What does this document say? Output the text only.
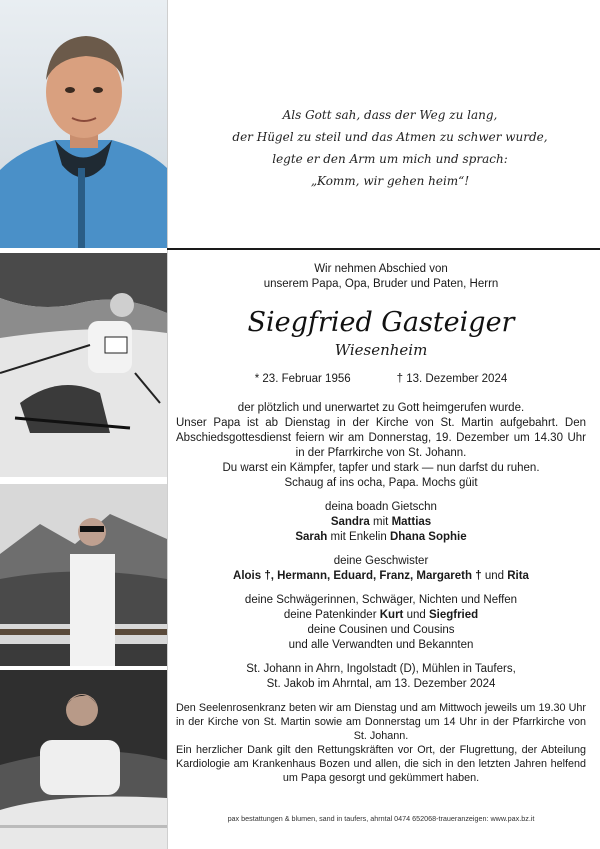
Als Gott sah, dass der Weg zu lang,
der Hügel zu steil und das Atmen zu schwer wurde,
legte er den Arm um mich und sprach:
„Komm, wir gehen heim“!

Wir nehmen Abschied von

unserem Papa, Opa, Bruder und Paten, Herrn

Siegfried Gasteiger
Wiesenheim
* 23. Februar 1956	† 13. Dezember 2024

der plötzlich und unerwartet zu Gott heimgerufen wurde.

Unser Papa ist ab Dienstag in der Kirche von St. Martin aufgebahrt. Den Abschiedsgottesdienst feiern wir am Donnerstag, 19. Dezember um 14.30 Uhr in der Pfarrkirche von St. Johann.

Du warst ein Kämpfer, tapfer und stark — nun darfst du ruhen.

Schaug af ins ocha, Papa. Mochs güit

deina boadn Gietschn

Sandra mit Mattias

Sarah mit Enkelin Dhana Sophie

deine Geschwister

Alois †, Hermann, Eduard, Franz, Margareth † und Rita

deine Schwägerinnen, Schwäger, Nichten und Neffen

deine Patenkinder Kurt und Siegfried

deine Cousinen und Cousins

und alle Verwandten und Bekannten

St. Johann in Ahrn, Ingolstadt (D), Mühlen in Taufers,

St. Jakob im Ahrntal, am 13. Dezember 2024

Den Seelenrosenkranz beten wir am Dienstag und am Mittwoch jeweils um 19.30 Uhr in der Kirche von St. Martin sowie am Donnerstag um 14 Uhr in der Pfarrkirche von St. Johann.

Ein herzlicher Dank gilt den Rettungskräften vor Ort, der Flugrettung, der Abteilung Kardiologie am Krankenhaus Bozen und allen, die sich in den letzten Jahren helfend um Papa gesorgt und gekümmert haben.

pax bestattungen & blumen, sand in taufers, ahrntal 0474 652068-traueranzeigen: www.pax.bz.it
